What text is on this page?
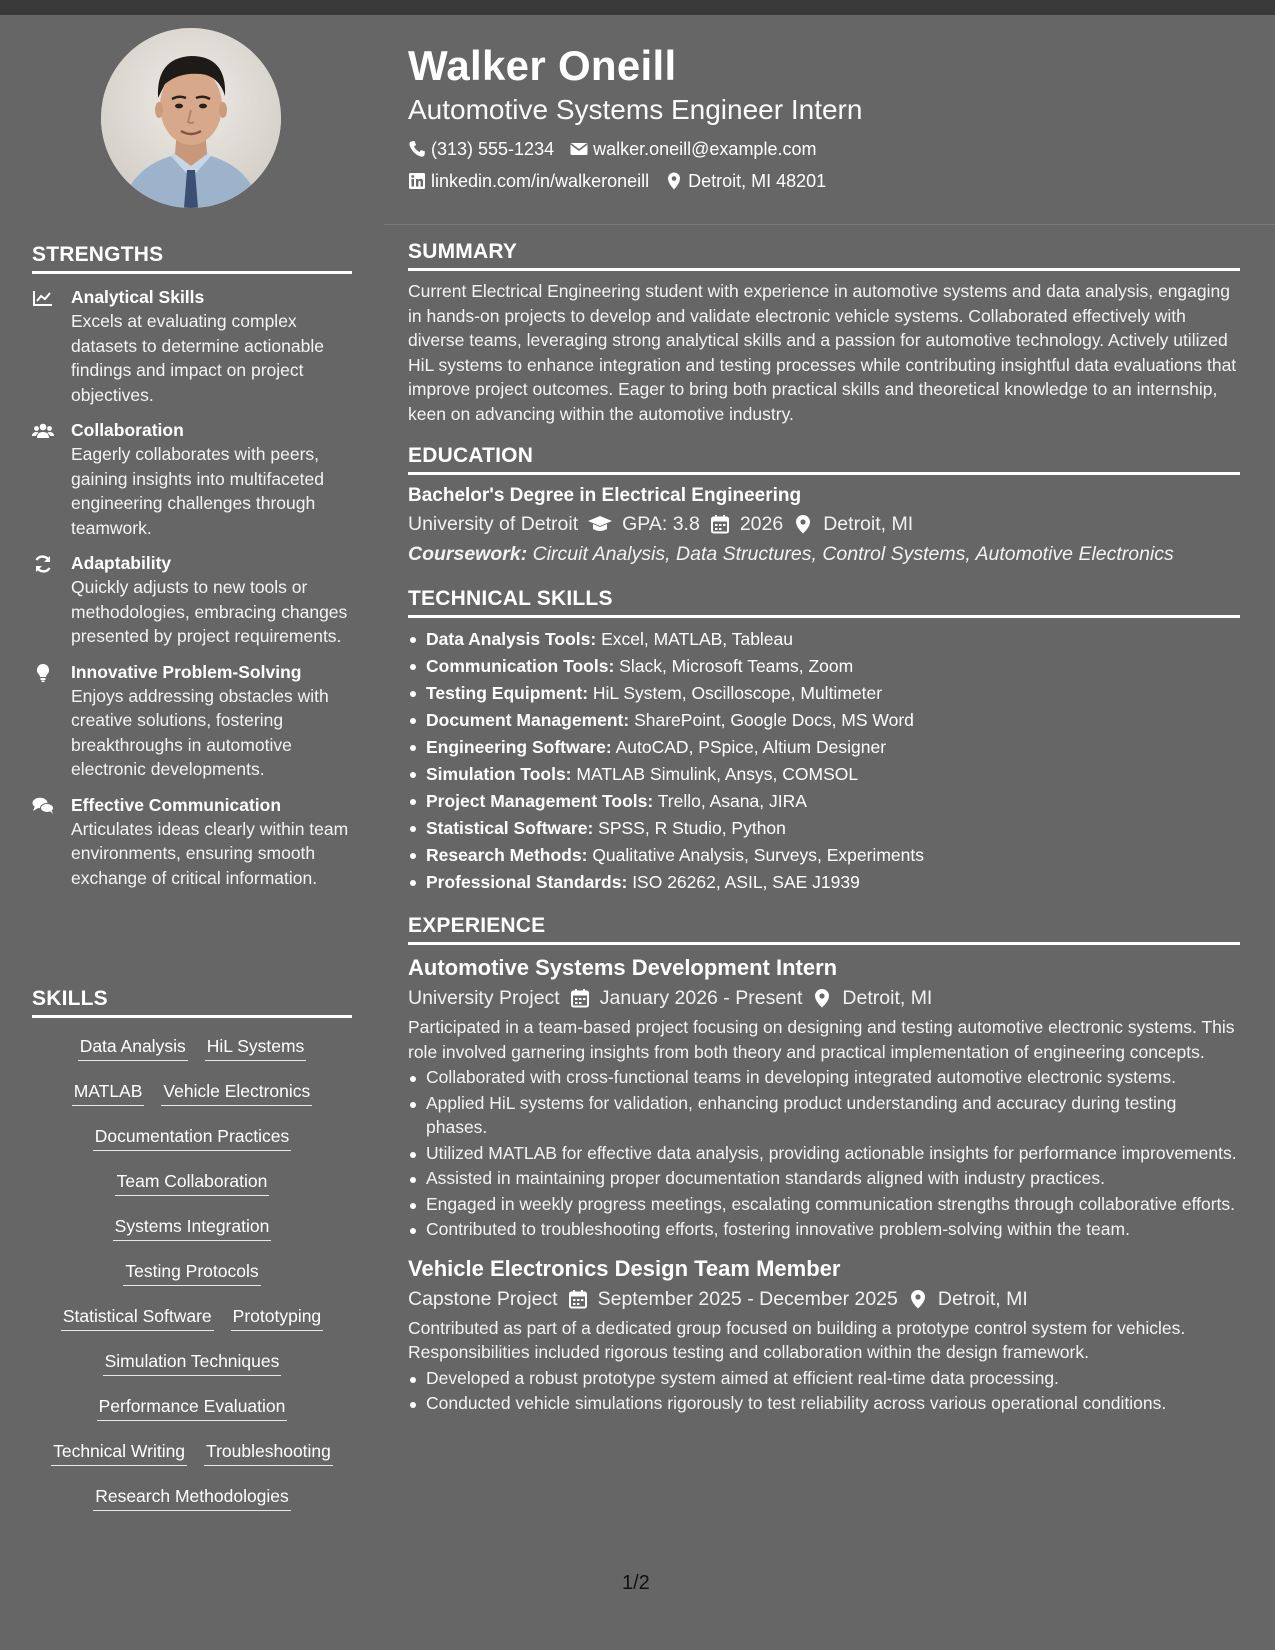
STRENGTHS
Analytical Skills
Excels at evaluating complex datasets to determine actionable findings and impact on project objectives.
Collaboration
Eagerly collaborates with peers, gaining insights into multifaceted engineering challenges through teamwork.
Adaptability
Quickly adjusts to new tools or methodologies, embracing changes presented by project requirements.
Innovative Problem-Solving
Enjoys addressing obstacles with creative solutions, fostering breakthroughs in automotive electronic developments.
Effective Communication
Articulates ideas clearly within team environments, ensuring smooth exchange of critical information.
SKILLS
Data Analysis HiL Systems
MATLAB Vehicle Electronics
Documentation Practices
Team Collaboration
Systems Integration
Testing Protocols
Statistical Software Prototyping
Simulation Techniques
Performance Evaluation
Technical Writing Troubleshooting
Research Methodologies
Walker Oneill
Automotive Systems Engineer Intern
(313) 555-1234 walker.oneill@example.com
linkedin.com/in/walkeroneill Detroit, MI 48201
SUMMARY
Current Electrical Engineering student with experience in automotive systems and data analysis, engaging in hands-on projects to develop and validate electronic vehicle systems. Collaborated effectively with diverse teams, leveraging strong analytical skills and a passion for automotive technology. Actively utilized HiL systems to enhance integration and testing processes while contributing insightful data evaluations that improve project outcomes. Eager to bring both practical skills and theoretical knowledge to an internship, keen on advancing within the automotive industry.
EDUCATION
Bachelor's Degree in Electrical Engineering
University of Detroit GPA: 3.8 2026 Detroit, MI
Coursework: Circuit Analysis, Data Structures, Control Systems, Automotive Electronics
TECHNICAL SKILLS
Data Analysis Tools: Excel, MATLAB, Tableau
Communication Tools: Slack, Microsoft Teams, Zoom
Testing Equipment: HiL System, Oscilloscope, Multimeter
Document Management: SharePoint, Google Docs, MS Word
Engineering Software: AutoCAD, PSpice, Altium Designer
Simulation Tools: MATLAB Simulink, Ansys, COMSOL
Project Management Tools: Trello, Asana, JIRA
Statistical Software: SPSS, R Studio, Python
Research Methods: Qualitative Analysis, Surveys, Experiments
Professional Standards: ISO 26262, ASIL, SAE J1939
EXPERIENCE
Automotive Systems Development Intern
University Project January 2026 - Present Detroit, MI
Participated in a team-based project focusing on designing and testing automotive electronic systems. This role involved garnering insights from both theory and practical implementation of engineering concepts.
Collaborated with cross-functional teams in developing integrated automotive electronic systems.
Applied HiL systems for validation, enhancing product understanding and accuracy during testing phases.
Utilized MATLAB for effective data analysis, providing actionable insights for performance improvements.
Assisted in maintaining proper documentation standards aligned with industry practices.
Engaged in weekly progress meetings, escalating communication strengths through collaborative efforts.
Contributed to troubleshooting efforts, fostering innovative problem-solving within the team.
Vehicle Electronics Design Team Member
Capstone Project September 2025 - December 2025 Detroit, MI
Contributed as part of a dedicated group focused on building a prototype control system for vehicles. Responsibilities included rigorous testing and collaboration within the design framework.
Developed a robust prototype system aimed at efficient real-time data processing.
Conducted vehicle simulations rigorously to test reliability across various operational conditions.
1/2
